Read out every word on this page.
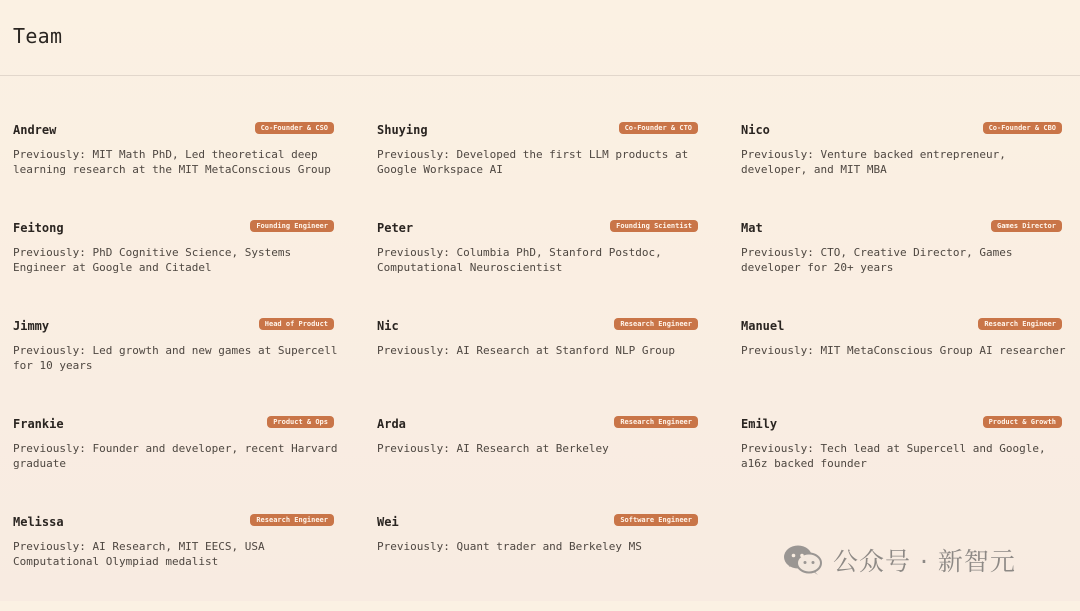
Team
Andrew	Co-Founder & CSO
Previously: MIT Math PhD, Led theoretical deep learning research at the MIT MetaConscious Group
Shuying	Co-Founder & CTO
Previously: Developed the first LLM products at Google Workspace AI
Nico	Co-Founder & CBO
Previously: Venture backed entrepreneur, developer, and MIT MBA
Feitong	Founding Engineer
Previously: PhD Cognitive Science, Systems Engineer at Google and Citadel
Peter	Founding Scientist
Previously: Columbia PhD, Stanford Postdoc, Computational Neuroscientist
Mat	Games Director
Previously: CTO, Creative Director, Games developer for 20+ years
Jimmy	Head of Product
Previously: Led growth and new games at Supercell for 10 years
Nic	Research Engineer
Previously: AI Research at Stanford NLP Group
Manuel	Research Engineer
Previously: MIT MetaConscious Group AI researcher
Frankie	Product & Ops
Previously: Founder and developer, recent Harvard graduate
Arda	Research Engineer
Previously: AI Research at Berkeley
Emily	Product & Growth
Previously: Tech lead at Supercell and Google, a16z backed founder
Melissa	Research Engineer
Previously: AI Research, MIT EECS, USA Computational Olympiad medalist
Wei	Software Engineer
Previously: Quant trader and Berkeley MS
公众号 · 新智元
